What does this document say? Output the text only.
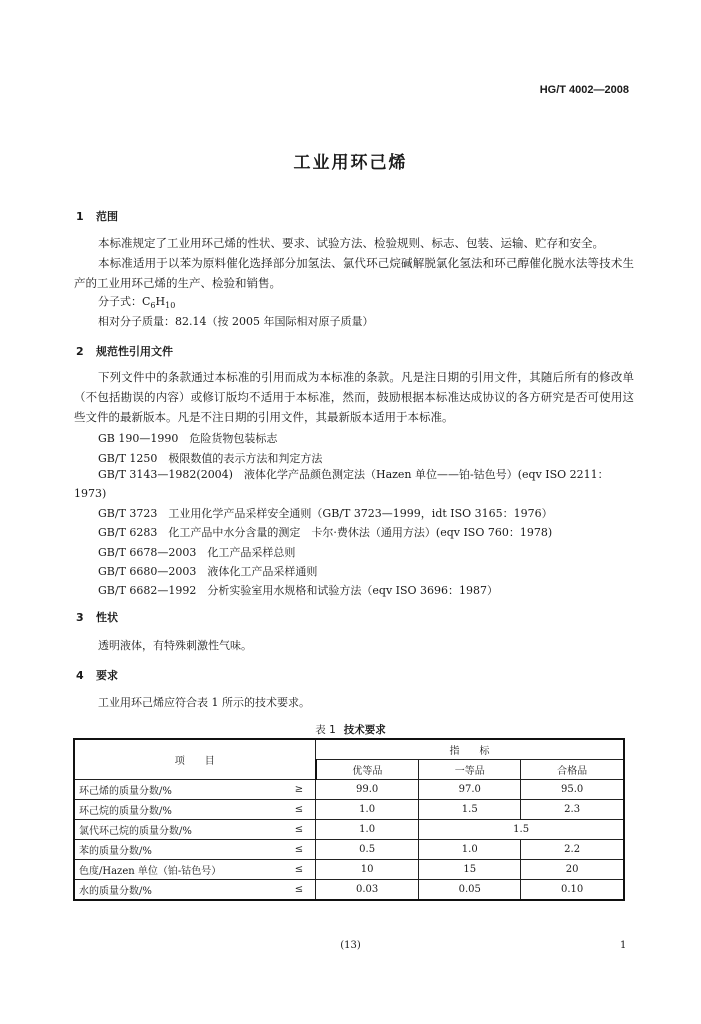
HG/T 4002—2008
工业用环己烯
1 范围
本标准规定了工业用环己烯的性状、要求、试验方法、检验规则、标志、包装、运输、贮存和安全。
本标准适用于以苯为原料催化选择部分加氢法、氯代环己烷碱解脱氯化氢法和环己醇催化脱水法等技术生产的工业用环己烯的生产、检验和销售。
分子式：$C_6H_{10}$
相对分子质量：82.14（按 2005 年国际相对原子质量）
2 规范性引用文件
下列文件中的条款通过本标准的引用而成为本标准的条款。凡是注日期的引用文件，其随后所有的修改单（不包括勘误的内容）或修订版均不适用于本标准，然而，鼓励根据本标准达成协议的各方研究是否可使用这些文件的最新版本。凡是不注日期的引用文件，其最新版本适用于本标准。
GB 190—1990　危险货物包装标志
GB/T 1250　极限数值的表示方法和判定方法
GB/T 3143—1982(2004)　液体化学产品颜色测定法（Hazen 单位——铂-钴色号）(eqv ISO 2211：
1973)
GB/T 3723　工业用化学产品采样安全通则（GB/T 3723—1999，idt ISO 3165：1976）
GB/T 6283　化工产品中水分含量的测定　卡尔·费休法（通用方法）(eqv ISO 760：1978)
GB/T 6678—2003　化工产品采样总则
GB/T 6680—2003　液体化工产品采样通则
GB/T 6682—1992　分析实验室用水规格和试验方法（eqv ISO 3696：1987）
3 性状
透明液体，有特殊刺激性气味。
4 要求
工业用环己烯应符合表 1 所示的技术要求。
表 1 技术要求
项　　目		指　　标		
		优等品	一等品	合格品
环己烯的质量分数/%	≥	99.0	97.0	95.0
环己烷的质量分数/%	≤	1.0	1.5	2.3
氯代环己烷的质量分数/%	≤	1.0	1.5	
苯的质量分数/%	≤	0.5	1.0	2.2
色度/Hazen 单位（铂-钴色号）	≤	10	15	20
水的质量分数/%	≤	0.03	0.05	0.10
(13)	1
